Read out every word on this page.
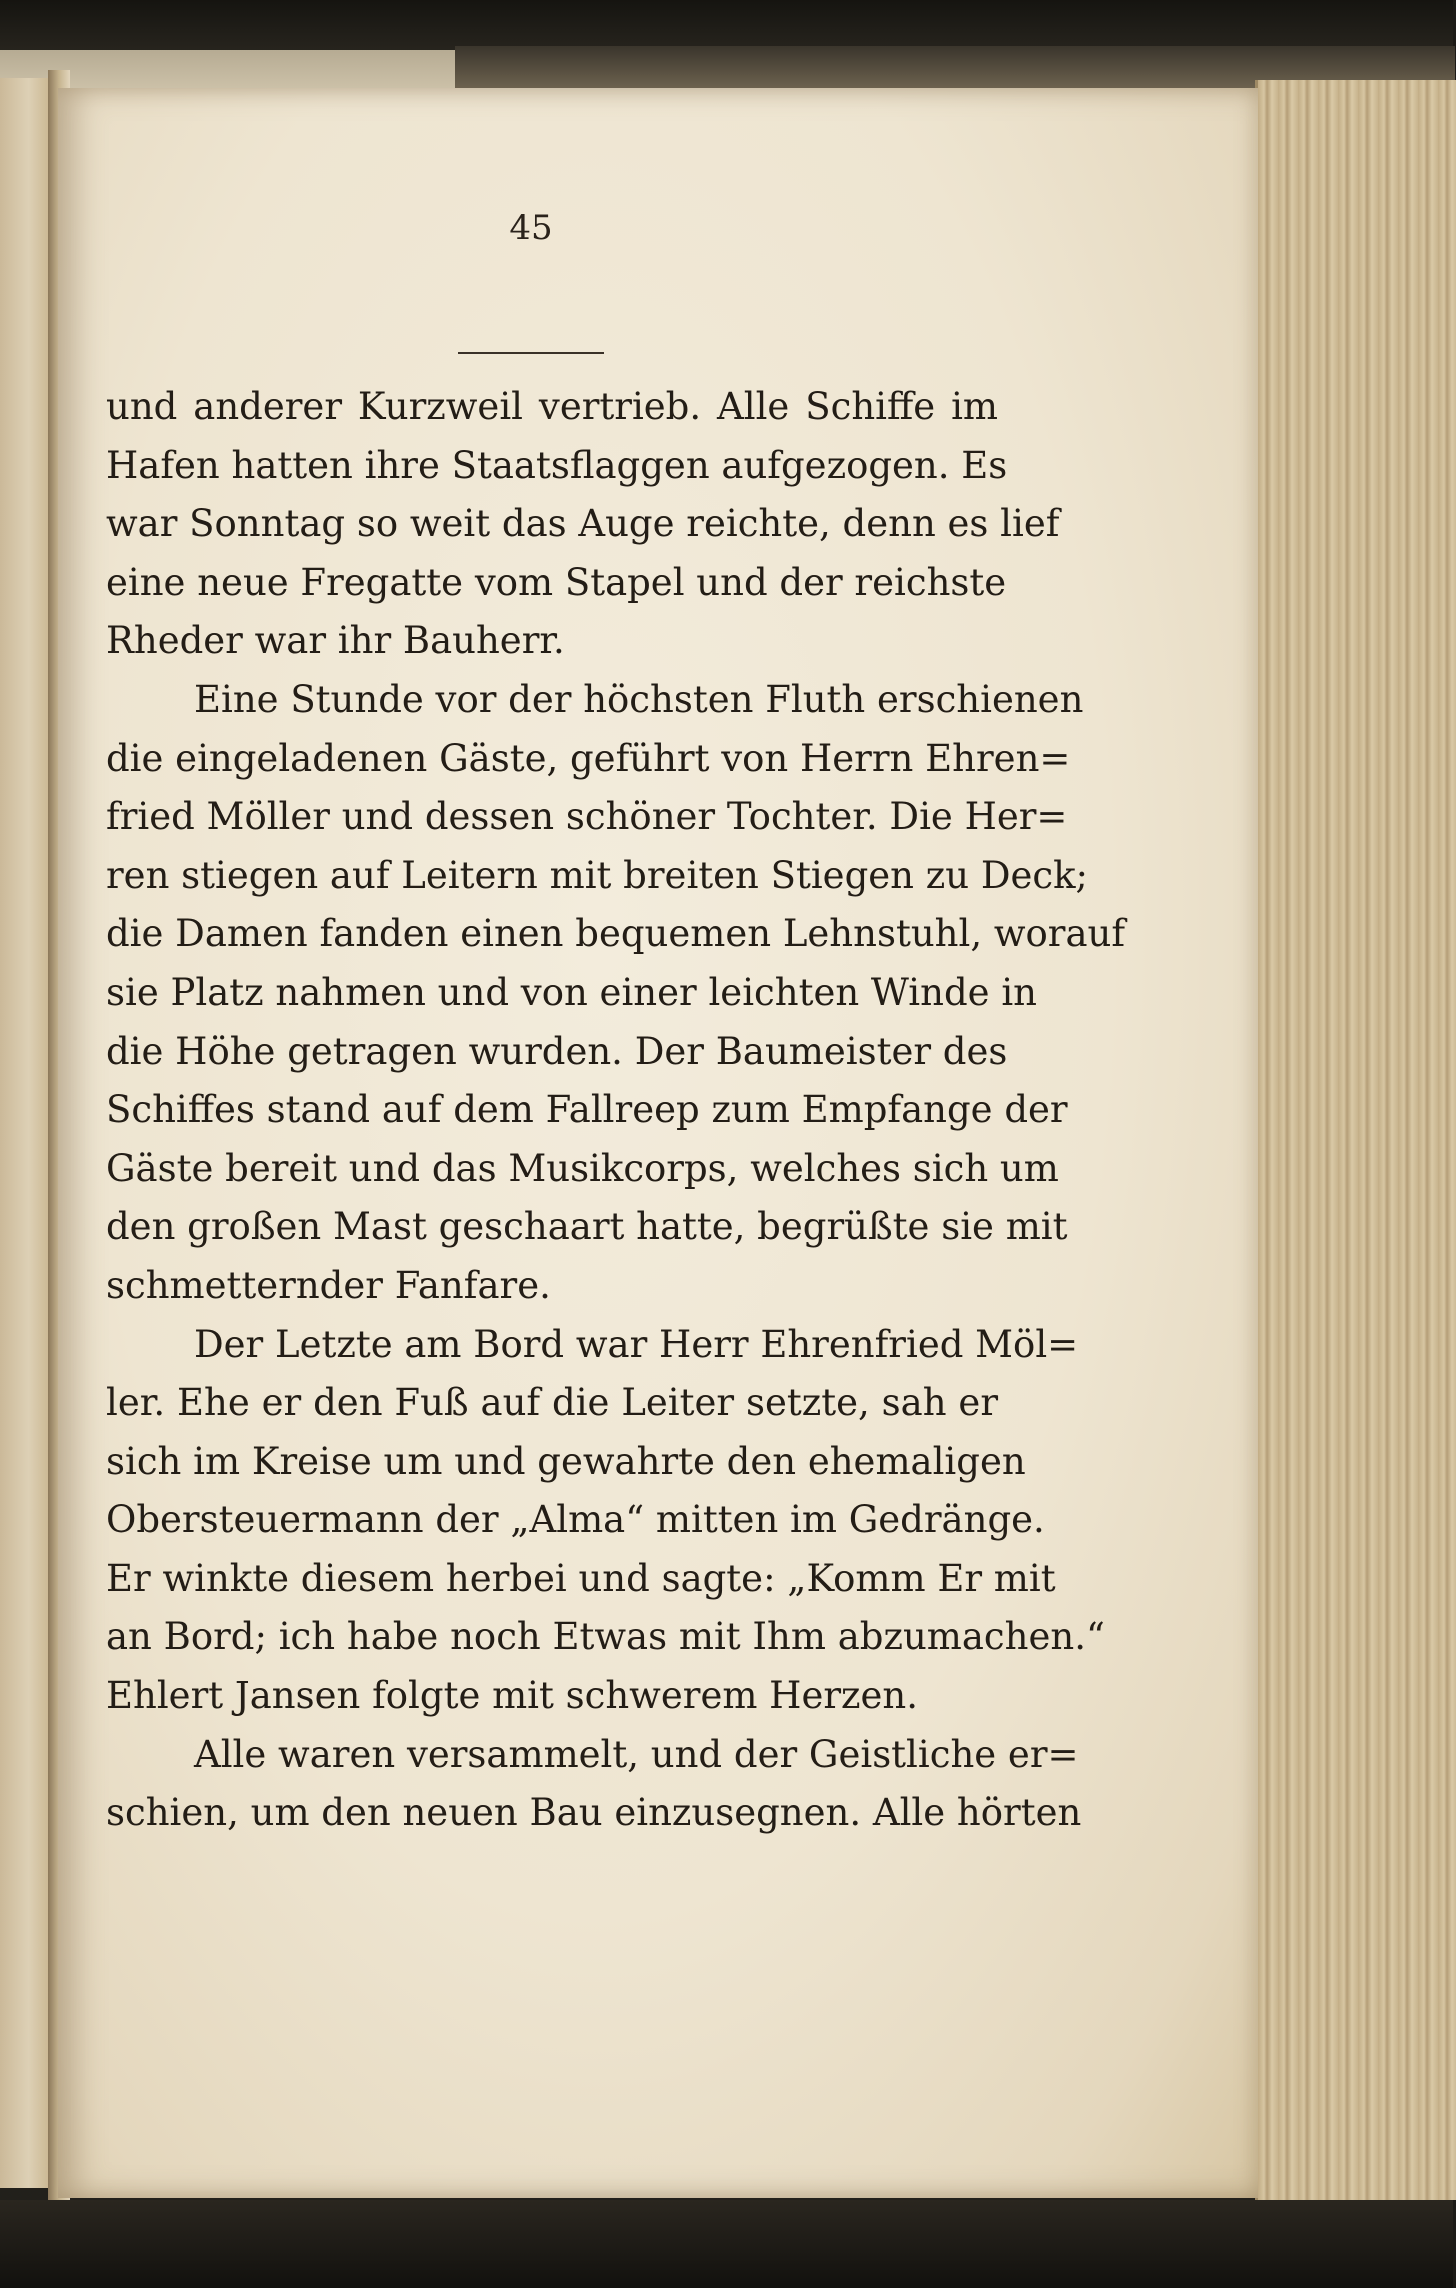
45
und anderer Kurzweil vertrieb. Alle Schiffe im
Hafen hatten ihre Staatsflaggen aufgezogen. Es
war Sonntag so weit das Auge reichte, denn es lief
eine neue Fregatte vom Stapel und der reichste
Rheder war ihr Bauherr.
Eine Stunde vor der höchsten Fluth erschienen
die eingeladenen Gäste, geführt von Herrn Ehren=
fried Möller und dessen schöner Tochter. Die Her=
ren stiegen auf Leitern mit breiten Stiegen zu Deck;
die Damen fanden einen bequemen Lehnstuhl, worauf
sie Platz nahmen und von einer leichten Winde in
die Höhe getragen wurden. Der Baumeister des
Schiffes stand auf dem Fallreep zum Empfange der
Gäste bereit und das Musikcorps, welches sich um
den großen Mast geschaart hatte, begrüßte sie mit
schmetternder Fanfare.
Der Letzte am Bord war Herr Ehrenfried Möl=
ler. Ehe er den Fuß auf die Leiter setzte, sah er
sich im Kreise um und gewahrte den ehemaligen
Obersteuermann der „Alma“ mitten im Gedränge.
Er winkte diesem herbei und sagte: „Komm Er mit
an Bord; ich habe noch Etwas mit Ihm abzumachen.“
Ehlert Jansen folgte mit schwerem Herzen.
Alle waren versammelt, und der Geistliche er=
schien, um den neuen Bau einzusegnen. Alle hörten
